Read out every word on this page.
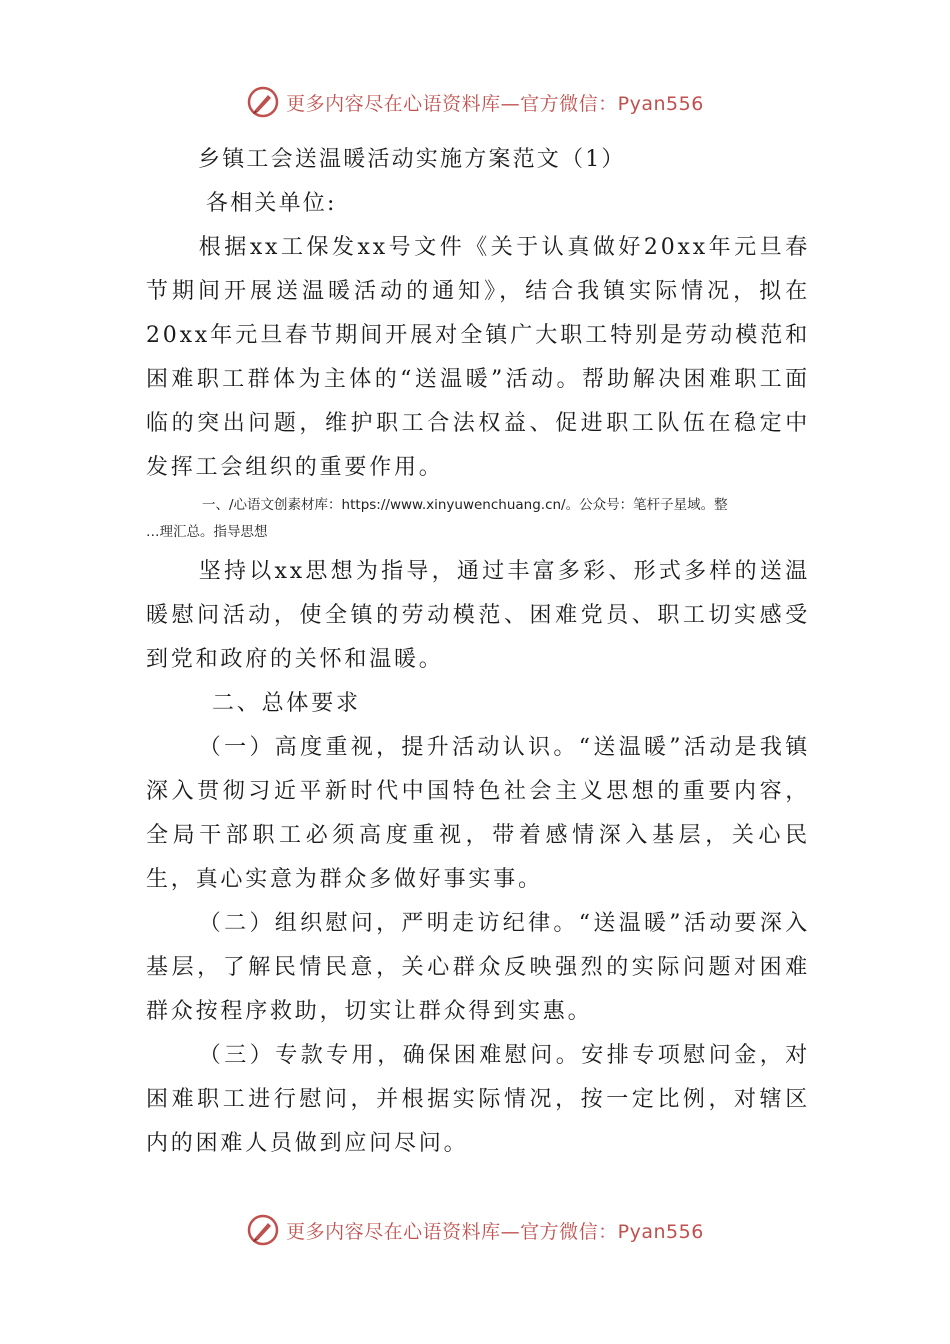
更多内容尽在心语资料库—官方微信：Pyan556
乡镇工会送温暖活动实施方案范文（1）
各相关单位:

根据xx工保发xx号文件《关于认真做好20xx年元旦春节期间开展送温暖活动的通知》，结合我镇实际情况，拟在20xx年元旦春节期间开展对全镇广大职工特别是劳动模范和困难职工群体为主体的“送温暖”活动。帮助解决困难职工面临的突出问题，维护职工合法权益、促进职工队伍在稳定中发挥工会组织的重要作用。

一、/心语文创素材库：https://www.xinyuwenchuang.cn/。公众号：笔杆子星域。整
…理汇总。指导思想

坚持以xx思想为指导，通过丰富多彩、形式多样的送温暖慰问活动，使全镇的劳动模范、困难党员、职工切实感受到党和政府的关怀和温暖。

二、总体要求

（一）高度重视，提升活动认识。“送温暖”活动是我镇深入贯彻习近平新时代中国特色社会主义思想的重要内容，全局干部职工必须高度重视，带着感情深入基层，关心民生，真心实意为群众多做好事实事。

（二）组织慰问，严明走访纪律。“送温暖”活动要深入基层，了解民情民意，关心群众反映强烈的实际问题对困难群众按程序救助，切实让群众得到实惠。

（三）专款专用，确保困难慰问。安排专项慰问金，对困难职工进行慰问，并根据实际情况，按一定比例，对辖区内的困难人员做到应问尽问。

更多内容尽在心语资料库—官方微信：Pyan556
